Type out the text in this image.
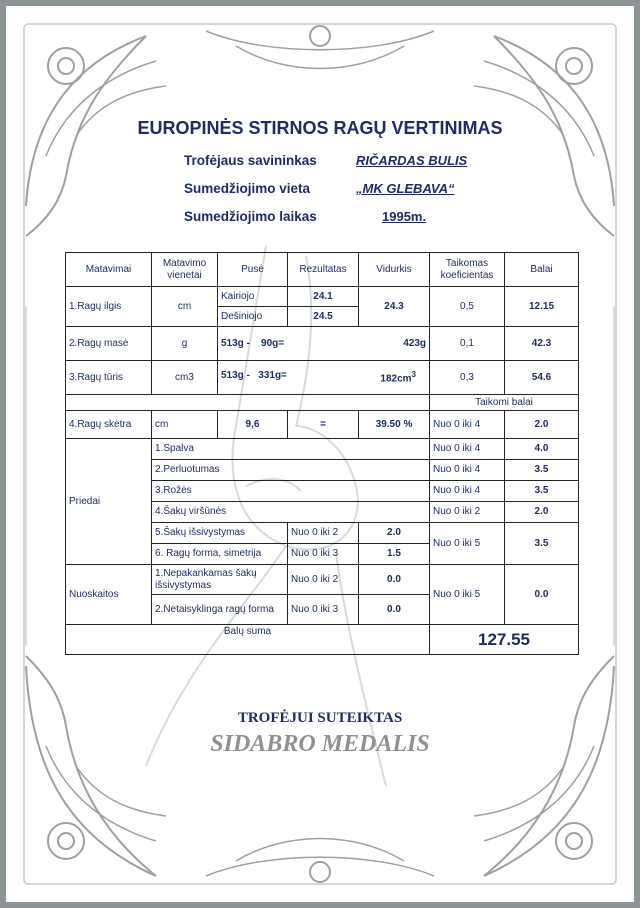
EUROPINĖS STIRNOS RAGŲ VERTINIMAS
Trofėjaus savininkas	RIČARDAS BULIS
Sumedžiojimo vieta	„MK GLEBAVA“
Sumedžiojimo laikas	1995m.
Matavimai	Matavimo vienetai	Pusė	Rezultatas	Vidurkis	Taikomas koeficientas	Balai
1.Ragų ilgis	cm	Kairiojo	24.1	24.3	0,5	12.15
		Dešiniojo	24.5			
2.Ragų masė	g	513g - 90g= 423g			0,1	42.3
3.Ragų tūris	cm3	$513g - 331g= 182cm^3$			0,3	54.6
					Taikomi balai	
4.Ragų skėtra	cm	9,6	=	39.50 %	Nuo 0 iki 4	2.0
Priedai	1.Spalva				Nuo 0 iki 4	4.0
	2.Perluotumas				Nuo 0 iki 4	3.5
	3.Rožės				Nuo 0 iki 4	3.5
	4.Šakų viršūnės				Nuo 0 iki 2	2.0
	5.Šakų išsivystymas		Nuo 0 iki 2	2.0	Nuo 0 iki 5	3.5
	6. Ragų forma, simetrija		Nuo 0 iki 3	1.5		
Nuoskaitos	1.Nepakankamas šakų išsivystymas		Nuo 0 iki 2	0.0	Nuo 0 iki 5	0.0
	2.Netaisyklinga ragų forma		Nuo 0 iki 3	0.0		
Balų suma					127.55	
TROFĖJUI SUTEIKTAS
SIDABRO MEDALIS
